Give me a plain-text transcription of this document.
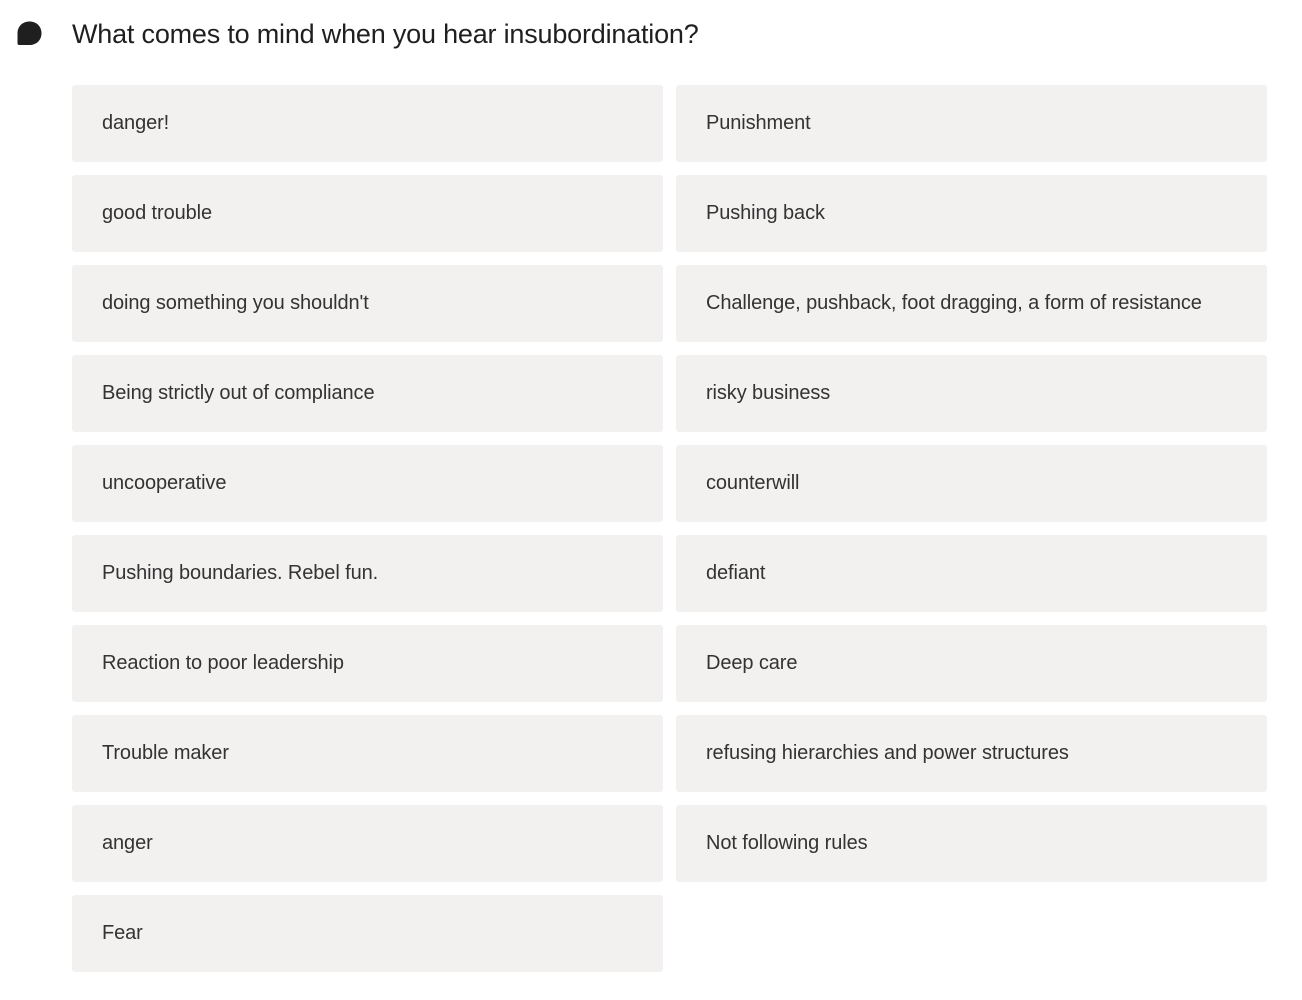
What comes to mind when you hear insubordination?
danger!	Punishment
good trouble	Pushing back
doing something you shouldn't	Challenge, pushback, foot dragging, a form of resistance
Being strictly out of compliance	risky business
uncooperative	counterwill
Pushing boundaries. Rebel fun.	defiant
Reaction to poor leadership	Deep care
Trouble maker	refusing hierarchies and power structures
anger	Not following rules
Fear
